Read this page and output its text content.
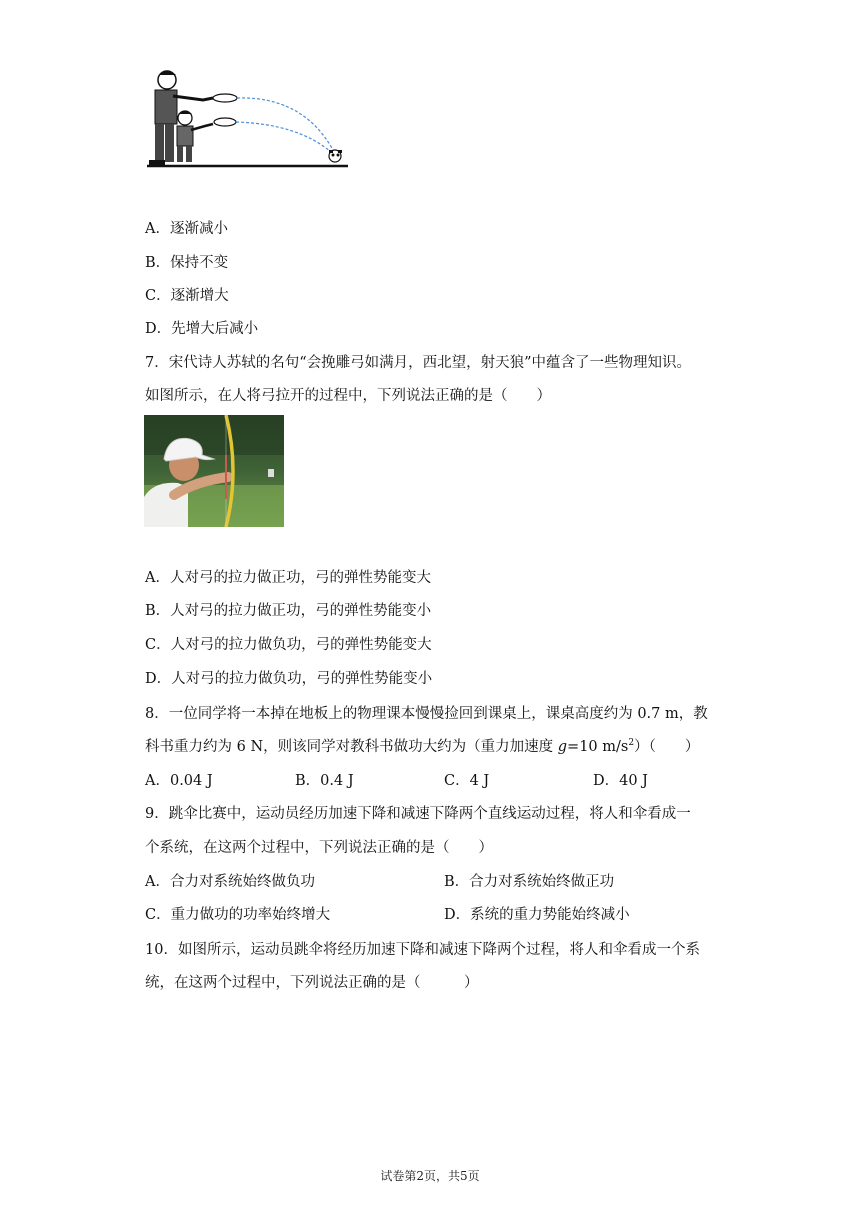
A．逐渐减小
B．保持不变
C．逐渐增大
D．先增大后减小
7．宋代诗人苏轼的名句“会挽雕弓如满月，西北望，射天狼”中蕴含了一些物理知识。
如图所示，在人将弓拉开的过程中，下列说法正确的是（　　）
A．人对弓的拉力做正功，弓的弹性势能变大
B．人对弓的拉力做正功，弓的弹性势能变小
C．人对弓的拉力做负功，弓的弹性势能变大
D．人对弓的拉力做负功，弓的弹性势能变小
8．一位同学将一本掉在地板上的物理课本慢慢捡回到课桌上，课桌高度约为 0.7 m，教
科书重力约为 6 N，则该同学对教科书做功大约为（重力加速度 g=10 $m/s^2$）（　　）
A．0.04 J	B．0.4 J	C．4 J	D．40 J
9．跳伞比赛中，运动员经历加速下降和减速下降两个直线运动过程，将人和伞看成一
个系统，在这两个过程中，下列说法正确的是（　　）
A．合力对系统始终做负功	B．合力对系统始终做正功
C．重力做功的功率始终增大	D．系统的重力势能始终减小
10．如图所示，运动员跳伞将经历加速下降和减速下降两个过程，将人和伞看成一个系
统，在这两个过程中，下列说法正确的是（　　　）
试卷第2页，共5页
